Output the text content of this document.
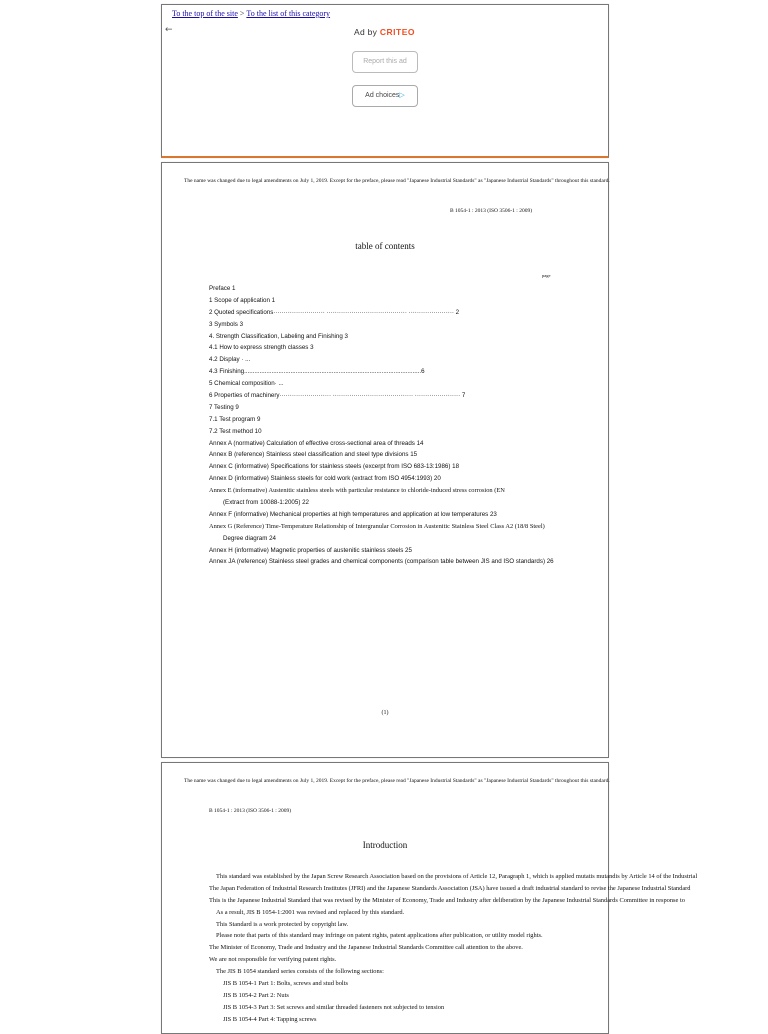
To the top of the site > To the list of this category
←	Ad by CRITEO
Report this ad
Ad choices▷
The name was changed due to legal amendments on July 1, 2019. Except for the preface, please read "Japanese Industrial Standards" as "Japanese Industrial Standards" throughout this standard.
B 1054-1 : 2013 (ISO 3506-1 : 2009)
table of contents
page
Preface 1
1 Scope of application 1
2 Quoted specifications························· ······································· ······················ 2
3 Symbols 3
4. Strength Classification, Labeling and Finishing 3
4.1 How to express strength classes 3
4.2 Display · ...
4.3 Finishing.......................................................................................................6
5 Chemical composition· ...
6 Properties of machinery························· ······································· ······················ 7
7 Testing 9
7.1 Test program 9
7.2 Test method 10
Annex A (normative) Calculation of effective cross-sectional area of threads 14
Annex B (reference) Stainless steel classification and steel type divisions 15
Annex C (informative) Specifications for stainless steels (excerpt from ISO 683-13:1986) 18
Annex D (informative) Stainless steels for cold work (extract from ISO 4954:1993) 20
Annex E (informative) Austenitic stainless steels with particular resistance to chloride-induced stress corrosion (EN
(Extract from 10088-1:2005) 22
Annex F (informative) Mechanical properties at high temperatures and application at low temperatures 23
Annex G (Reference) Time-Temperature Relationship of Intergranular Corrosion in Austenitic Stainless Steel Class A2 (18/8 Steel)
Degree diagram 24
Annex H (informative) Magnetic properties of austenitic stainless steels 25
Annex JA (reference) Stainless steel grades and chemical components (comparison table between JIS and ISO standards) 26
(1)
The name was changed due to legal amendments on July 1, 2019. Except for the preface, please read "Japanese Industrial Standards" as "Japanese Industrial Standards" throughout this standard.
B 1054-1 : 2013 (ISO 3506-1 : 2009)
Introduction
This standard was established by the Japan Screw Research Association based on the provisions of Article 12, Paragraph 1, which is applied mutatis mutandis by Article 14 of the Industrial
The Japan Federation of Industrial Research Institutes (JFRI) and the Japanese Standards Association (JSA) have issued a draft industrial standard to revise the Japanese Industrial Standard
This is the Japanese Industrial Standard that was revised by the Minister of Economy, Trade and Industry after deliberation by the Japanese Industrial Standards Committee in response to
As a result, JIS B 1054-1:2001 was revised and replaced by this standard.
This Standard is a work protected by copyright law.
Please note that parts of this standard may infringe on patent rights, patent applications after publication, or utility model rights.
The Minister of Economy, Trade and Industry and the Japanese Industrial Standards Committee call attention to the above.
We are not responsible for verifying patent rights.
The JIS B 1054 standard series consists of the following sections:
JIS B 1054-1 Part 1: Bolts, screws and stud bolts
JIS B 1054-2 Part 2: Nuts
JIS B 1054-3 Part 3: Set screws and similar threaded fasteners not subjected to tension
JIS B 1054-4 Part 4: Tapping screws
